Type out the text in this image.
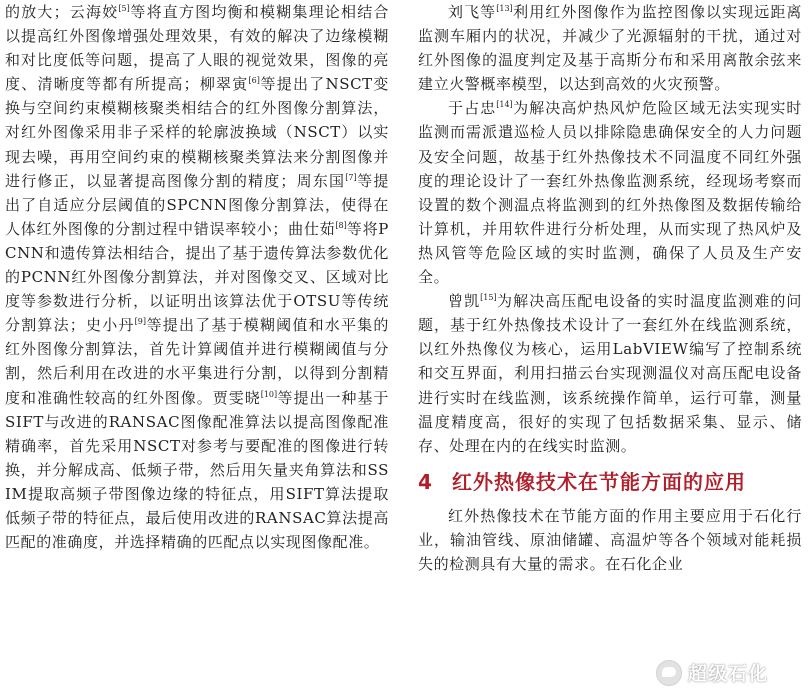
的放大；云海姣[5]等将直方图均衡和模糊集理论相结合以提高红外图像增强处理效果，有效的解决了边缘模糊和对比度低等问题，提高了人眼的视觉效果，图像的亮度、清晰度等都有所提高；柳翠寅[6]等提出了NSCT变换与空间约束模糊核聚类相结合的红外图像分割算法，对红外图像采用非子采样的轮廓波换域（NSCT）以实现去噪，再用空间约束的模糊核聚类算法来分割图像并进行修正，以显著提高图像分割的精度；周东国[7]等提出了自适应分层阈值的SPCNN图像分割算法，使得在人体红外图像的分割过程中错误率较小；曲仕茹[8]等将PCNN和遗传算法相结合，提出了基于遗传算法参数优化的PCNN红外图像分割算法，并对图像交叉、区域对比度等参数进行分析，以证明出该算法优于OTSU等传统分割算法；史小丹[9]等提出了基于模糊阈值和水平集的红外图像分割算法，首先计算阈值并进行模糊阈值与分割，然后利用在改进的水平集进行分割，以得到分割精度和准确性较高的红外图像。贾雯晓[10]等提出一种基于SIFT与改进的RANSAC图像配准算法以提高图像配准精确率，首先采用NSCT对参考与要配准的图像进行转换，并分解成高、低频子带，然后用矢量夹角算法和SSIM提取高频子带图像边缘的特征点，用SIFT算法提取低频子带的特征点，最后使用改进的RANSAC算法提高匹配的准确度，并选择精确的匹配点以实现图像配准。

刘飞等[13]利用红外图像作为监控图像以实现远距离监测车厢内的状况，并减少了光源辐射的干扰，通过对红外图像的温度判定及基于高斯分布和采用离散余弦来建立火警概率模型，以达到高效的火灾预警。

于占忠[14]为解决高炉热风炉危险区域无法实现实时监测而需派遣巡检人员以排除隐患确保安全的人力问题及安全问题，故基于红外热像技术不同温度不同红外强度的理论设计了一套红外热像监测系统，经现场考察而设置的数个测温点将监测到的红外热像图及数据传输给计算机，并用软件进行分析处理，从而实现了热风炉及热风管等危险区域的实时监测，确保了人员及生产安全。

曾凯[15]为解决高压配电设备的实时温度监测难的问题，基于红外热像技术设计了一套红外在线监测系统，以红外热像仪为核心，运用LabVIEW编写了控制系统和交互界面，利用扫描云台实现测温仪对高压配电设备进行实时在线监测，该系统操作简单，运行可靠，测量温度精度高，很好的实现了包括数据采集、显示、储存、处理在内的在线实时监测。

4 红外热像技术在节能方面的应用

红外热像技术在节能方面的作用主要应用于石化行业，输油管线、原油储罐、高温炉等各个领域对能耗损失的检测具有大量的需求。在石化企业

超级石化
